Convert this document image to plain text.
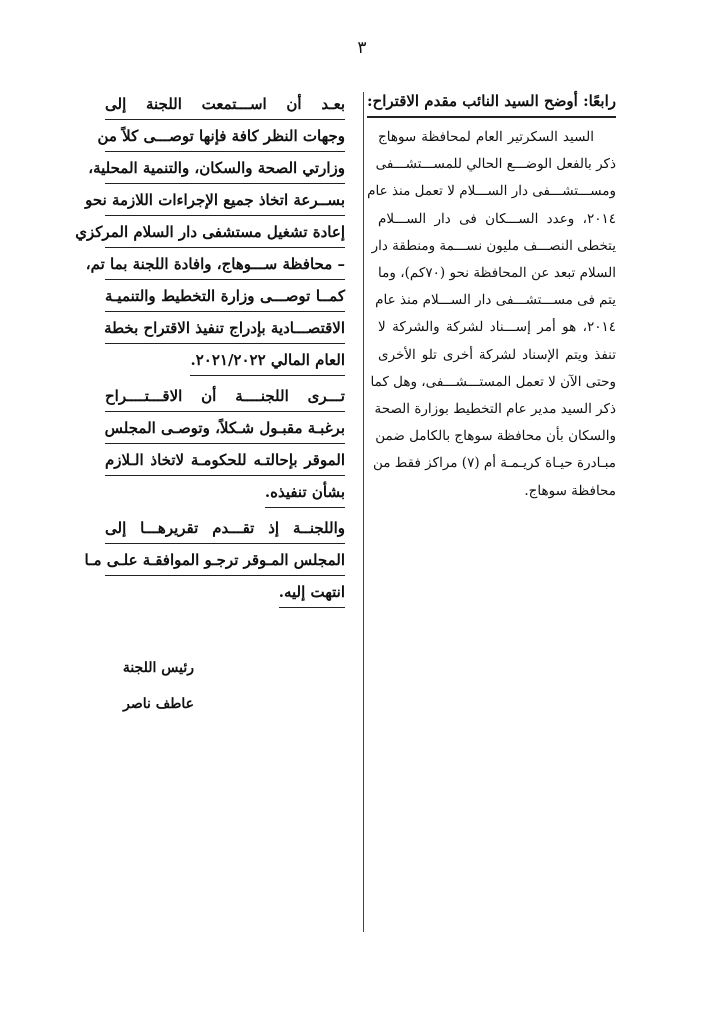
٣
رابعًا: أوضح السيد النائب مقدم الاقتراح:

السيد السكرتير العام لمحافظة سوهاج
ذكر بالفعل الوضـــع الحالي للمســـتشـــفى
ومســـتشـــفى دار الســـلام لا تعمل منذ عام
٢٠١٤، وعدد الســـكان فى دار الســـلام
يتخطى النصـــف مليون نســـمة ومنطقة دار
السلام تبعد عن المحافظة نحو (٧٠كم)، وما
يتم فى مســـتشـــفى دار الســـلام منذ عام
٢٠١٤، هو أمر إســـناد لشركة والشركة لا
تنفذ ويتم الإسناد لشركة أخرى تلو الأخرى
وحتى الآن لا تعمل المستـــشـــفى، وهل كما
ذكر السيد مدير عام التخطيط بوزارة الصحة
والسكان بأن محافظة سوهاج بالكامل ضمن
مبـادرة حيـاة كريـمـة أم (٧) مراكز فقط من
محافظة سوهاج.

بعـد أن اســـتمعت اللجنة إلى
وجهات النظر كافة فإنها توصـــى كلاً من
وزارتي الصحة والسكان، والتنمية المحلية،
بســرعة اتخاذ جميع الإجراءات اللازمة نحو
إعادة تشغيل مستشفى دار السلام المركزي
– محافظة ســـوهاج، وافادة اللجنة بما تم،
كمــا توصـــى وزارة التخطيط والتنميـة
الاقتصـــادية بإدراج تنفيذ الاقتراح بخطة
العام المالي ٢٠٢١/٢٠٢٢.
تـــرى اللجنــــة أن الاقـــتــــراح
برغبـة مقبـول شـكلاً، وتوصـى المجلس
الموقر بإحالتـه للحكومـة لاتخاذ الـلازم
بشأن تنفيذه.
واللجنــة إذ تقـــدم تقريرهـــا إلى
المجلس المـوقر ترجـو الموافقـة علـى مـا
انتهت إليه.
رئيس اللجنة
عاطف ناصر
